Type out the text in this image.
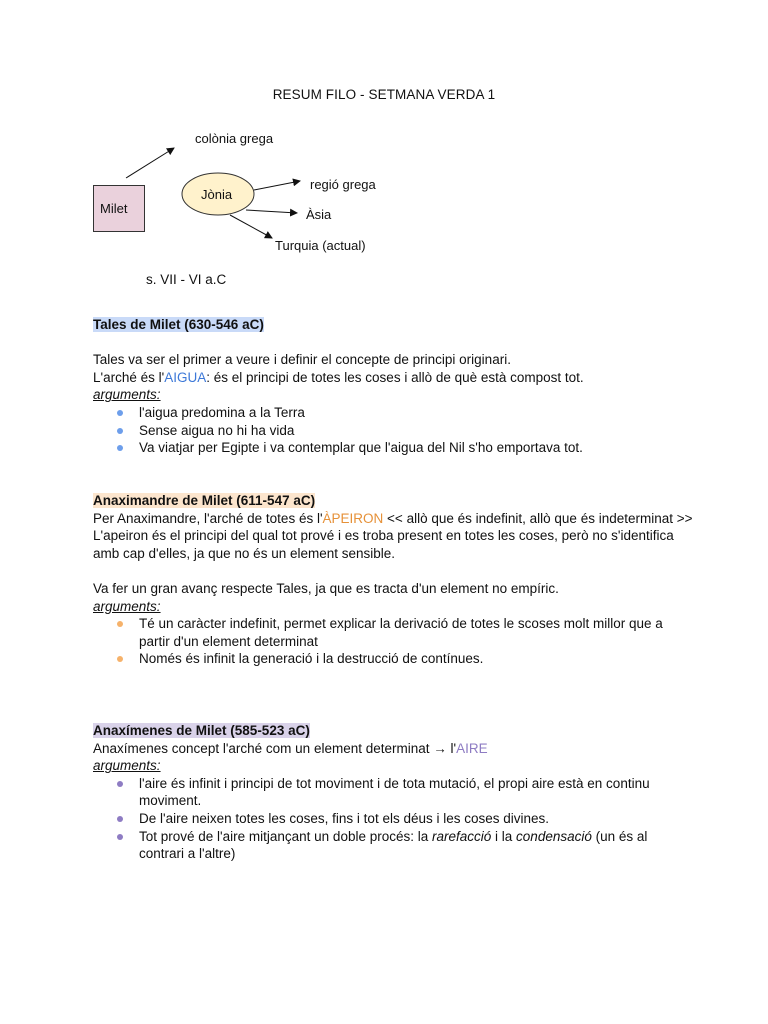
RESUM FILO - SETMANA VERDA 1
Milet
colònia grega
Jònia
regió grega
Àsia
Turquia (actual)
s. VII - VI a.C
Tales de Milet (630-546 aC)
Tales va ser el primer a veure i definir el concepte de principi originari.
L'arché és l'AIGUA: és el principi de totes les coses i allò de què està compost tot.
arguments:
l'aigua predomina a la Terra
Sense aigua no hi ha vida
Va viatjar per Egipte i va contemplar que l'aigua del Nil s'ho emportava tot.
Anaximandre de Milet (611-547 aC)
Per Anaximandre, l'arché de totes és l'ÀPEIRON << allò que és indefinit, allò que és indeterminat >>
L'apeiron és el principi del qual tot prové i es troba present en totes les coses, però no s'identifica amb cap d'elles, ja que no és un element sensible.
Va fer un gran avanç respecte Tales, ja que es tracta d'un element no empíric.
arguments:
Té un caràcter indefinit, permet explicar la derivació de totes le scoses molt millor que a partir d'un element determinat
Només és infinit la generació i la destrucció de contínues.
Anaxímenes de Milet (585-523 aC)
Anaxímenes concept l'arché com un element determinat → l'AIRE
arguments:
l'aire és infinit i principi de tot moviment i de tota mutació, el propi aire està en continu moviment.
De l'aire neixen totes les coses, fins i tot els déus i les coses divines.
Tot prové de l'aire mitjançant un doble procés: la rarefacció i la condensació (un és al contrari a l'altre)
